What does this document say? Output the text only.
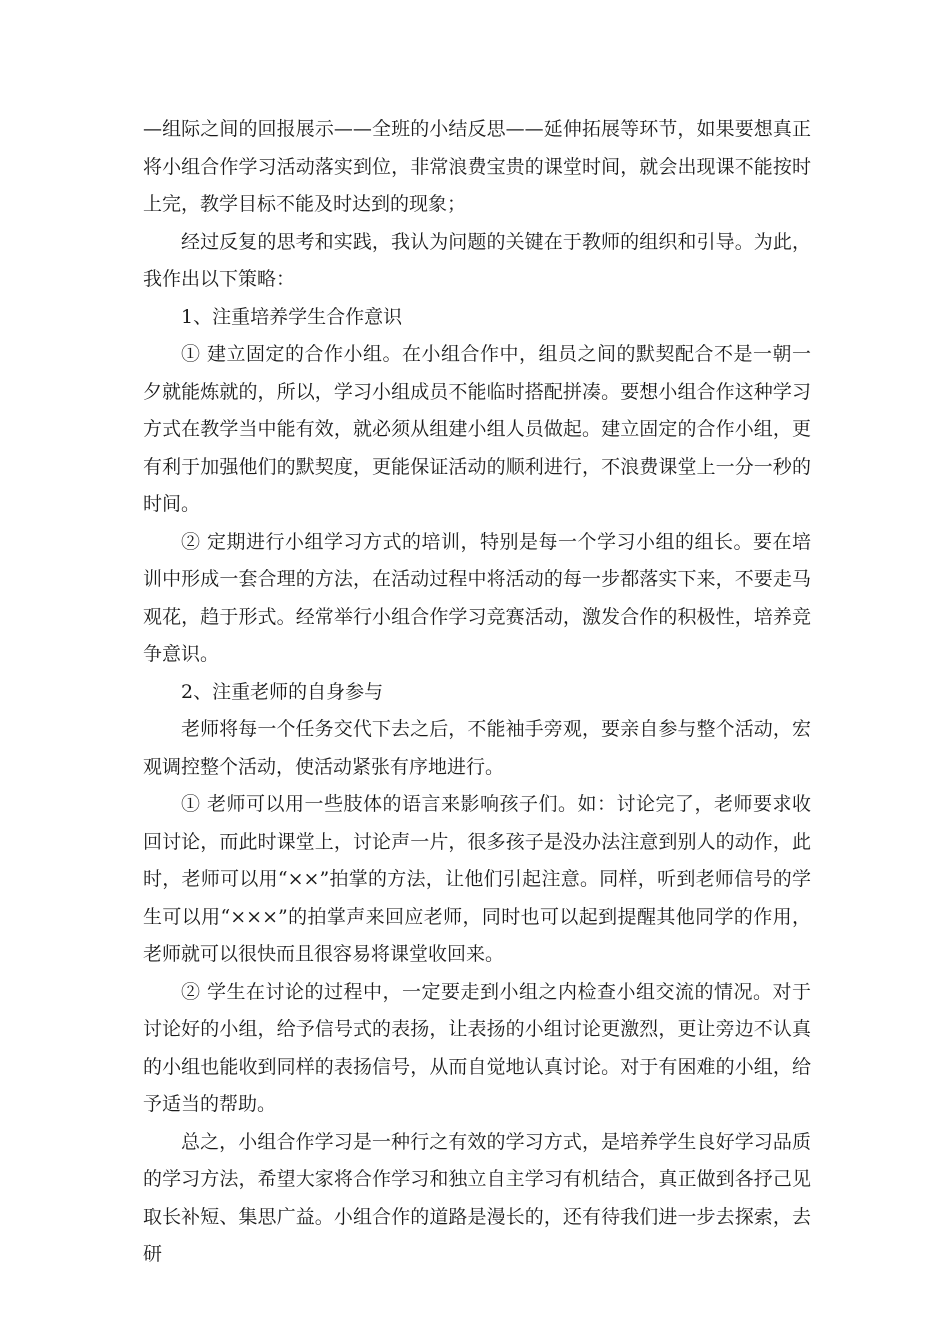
—组际之间的回报展示——全班的小结反思——延伸拓展等环节，如果要想真正将小组合作学习活动落实到位，非常浪费宝贵的课堂时间，就会出现课不能按时上完，教学目标不能及时达到的现象；

经过反复的思考和实践，我认为问题的关键在于教师的组织和引导。为此，我作出以下策略：

1、注重培养学生合作意识

① 建立固定的合作小组。在小组合作中，组员之间的默契配合不是一朝一夕就能炼就的，所以，学习小组成员不能临时搭配拼凑。要想小组合作这种学习方式在教学当中能有效，就必须从组建小组人员做起。建立固定的合作小组，更有利于加强他们的默契度，更能保证活动的顺利进行，不浪费课堂上一分一秒的时间。

② 定期进行小组学习方式的培训，特别是每一个学习小组的组长。要在培训中形成一套合理的方法，在活动过程中将活动的每一步都落实下来，不要走马观花，趋于形式。经常举行小组合作学习竞赛活动，激发合作的积极性，培养竞争意识。

2、注重老师的自身参与

老师将每一个任务交代下去之后，不能袖手旁观，要亲自参与整个活动，宏观调控整个活动，使活动紧张有序地进行。

① 老师可以用一些肢体的语言来影响孩子们。如：讨论完了，老师要求收回讨论，而此时课堂上，讨论声一片，很多孩子是没办法注意到别人的动作，此时，老师可以用“××”拍掌的方法，让他们引起注意。同样，听到老师信号的学生可以用“×××”的拍掌声来回应老师，同时也可以起到提醒其他同学的作用，老师就可以很快而且很容易将课堂收回来。

② 学生在讨论的过程中，一定要走到小组之内检查小组交流的情况。对于讨论好的小组，给予信号式的表扬，让表扬的小组讨论更激烈，更让旁边不认真的小组也能收到同样的表扬信号，从而自觉地认真讨论。对于有困难的小组，给予适当的帮助。

总之，小组合作学习是一种行之有效的学习方式，是培养学生良好学习品质的学习方法，希望大家将合作学习和独立自主学习有机结合，真正做到各抒己见取长补短、集思广益。小组合作的道路是漫长的，还有待我们进一步去探索，去研
